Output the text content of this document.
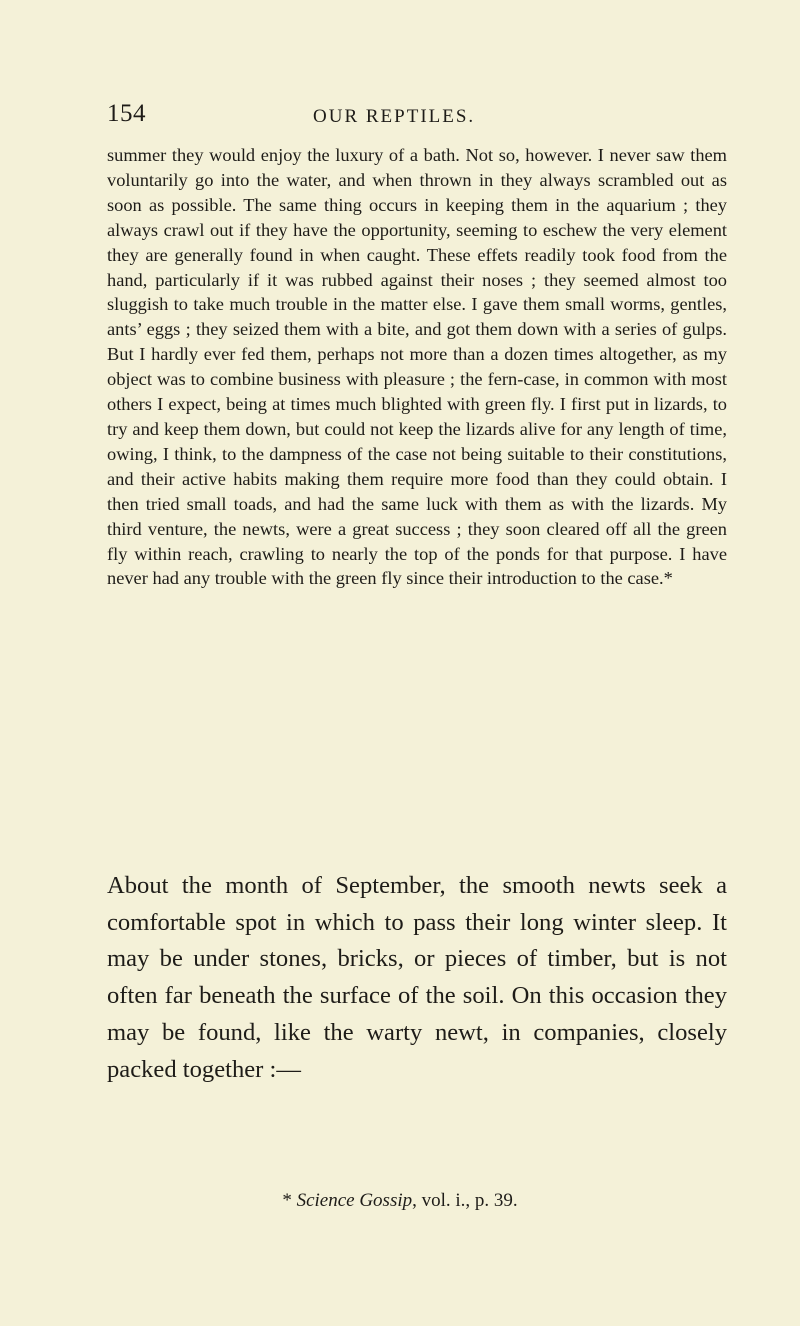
154	OUR REPTILES.

summer they would enjoy the luxury of a bath. Not so, however. I never saw them voluntarily go into the water, and when thrown in they always scrambled out as soon as possible. The same thing occurs in keeping them in the aquarium ; they always crawl out if they have the opportunity, seeming to eschew the very element they are generally found in when caught. These effets readily took food from the hand, particularly if it was rubbed against their noses ; they seemed almost too sluggish to take much trouble in the matter else. I gave them small worms, gentles, ants’ eggs ; they seized them with a bite, and got them down with a series of gulps. But I hardly ever fed them, perhaps not more than a dozen times altogether, as my object was to combine business with pleasure ; the fern-case, in common with most others I expect, being at times much blighted with green fly. I first put in lizards, to try and keep them down, but could not keep the lizards alive for any length of time, owing, I think, to the dampness of the case not being suitable to their constitutions, and their active habits making them require more food than they could obtain. I then tried small toads, and had the same luck with them as with the lizards. My third venture, the newts, were a great success ; they soon cleared off all the green fly within reach, crawling to nearly the top of the ponds for that purpose. I have never had any trouble with the green fly since their introduction to the case.*

About the month of September, the smooth newts seek a comfortable spot in which to pass their long winter sleep. It may be under stones, bricks, or pieces of timber, but is not often far beneath the surface of the soil. On this occasion they may be found, like the warty newt, in companies, closely packed together :—

* Science Gossip, vol. i., p. 39.
